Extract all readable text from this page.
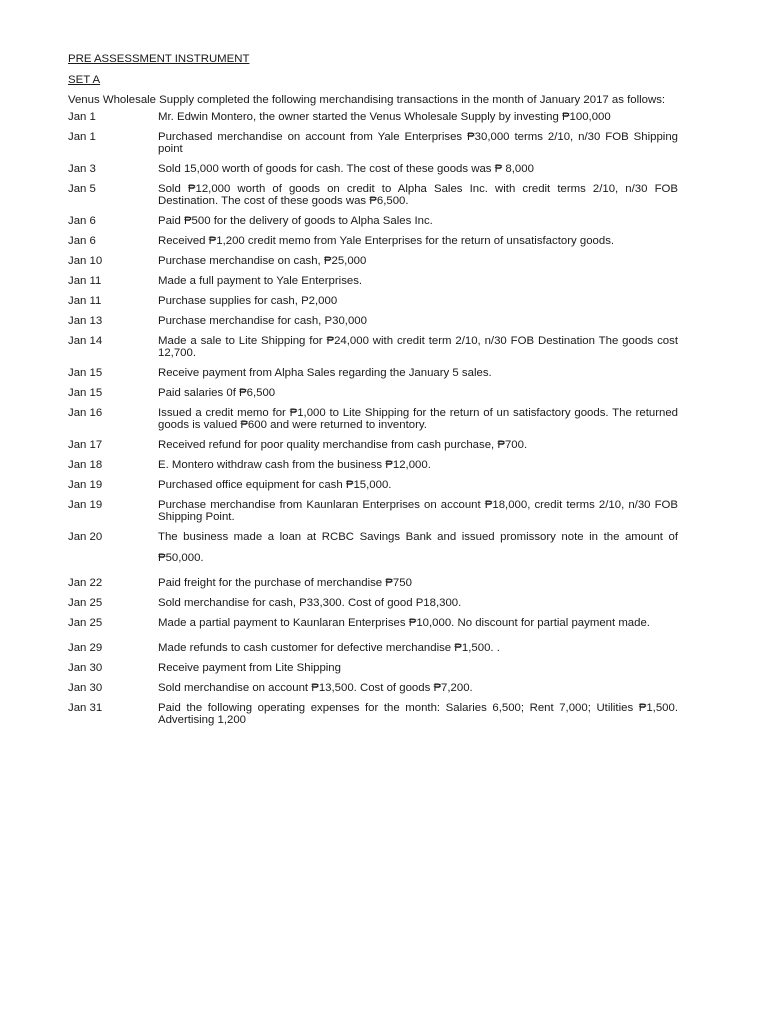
PRE ASSESSMENT INSTRUMENT

SET A

Venus Wholesale Supply completed the following merchandising transactions in the month of January 2017 as follows:

Jan 1	Mr. Edwin Montero, the owner started the Venus Wholesale Supply by investing ₱100,000
Jan 1	Purchased merchandise on account from Yale Enterprises ₱30,000 terms 2/10, n/30 FOB Shipping point
Jan 3	Sold 15,000 worth of goods for cash. The cost of these goods was ₱ 8,000
Jan 5	Sold ₱12,000 worth of goods on credit to Alpha Sales Inc. with credit terms 2/10, n/30 FOB Destination. The cost of these goods was ₱6,500.
Jan 6	Paid ₱500 for the delivery of goods to Alpha Sales Inc.
Jan 6	Received ₱1,200 credit memo from Yale Enterprises for the return of unsatisfactory goods.
Jan 10	Purchase merchandise on cash, ₱25,000
Jan 11	Made a full payment to Yale Enterprises.
Jan 11	Purchase supplies for cash, P2,000
Jan 13	Purchase merchandise for cash, P30,000
Jan 14	Made a sale to Lite Shipping for ₱24,000 with credit term 2/10, n/30 FOB Destination The goods cost 12,700.
Jan 15	Receive payment from Alpha Sales regarding the January 5 sales.
Jan 15	Paid salaries 0f ₱6,500
Jan 16	Issued a credit memo for ₱1,000 to Lite Shipping for the return of un satisfactory goods. The returned goods is valued ₱600 and were returned to inventory.
Jan 17	Received refund for poor quality merchandise from cash purchase, ₱700.
Jan 18	E. Montero withdraw cash from the business ₱12,000.
Jan 19	Purchased office equipment for cash ₱15,000.
Jan 19	Purchase merchandise from Kaunlaran Enterprises on account ₱18,000, credit terms 2/10, n/30 FOB Shipping Point.
Jan 20	The business made a loan at RCBC Savings Bank and issued promissory note in the amount of ₱50,000.
Jan 22	Paid freight for the purchase of merchandise ₱750
Jan 25	Sold merchandise for cash, P33,300. Cost of good P18,300.
Jan 25	Made a partial payment to Kaunlaran Enterprises ₱10,000. No discount for partial payment made.
Jan 29	Made refunds to cash customer for defective merchandise ₱1,500. .
Jan 30	Receive payment from Lite Shipping
Jan 30	Sold merchandise on account ₱13,500. Cost of goods ₱7,200.
Jan 31	Paid the following operating expenses for the month: Salaries 6,500; Rent 7,000; Utilities ₱1,500. Advertising 1,200
